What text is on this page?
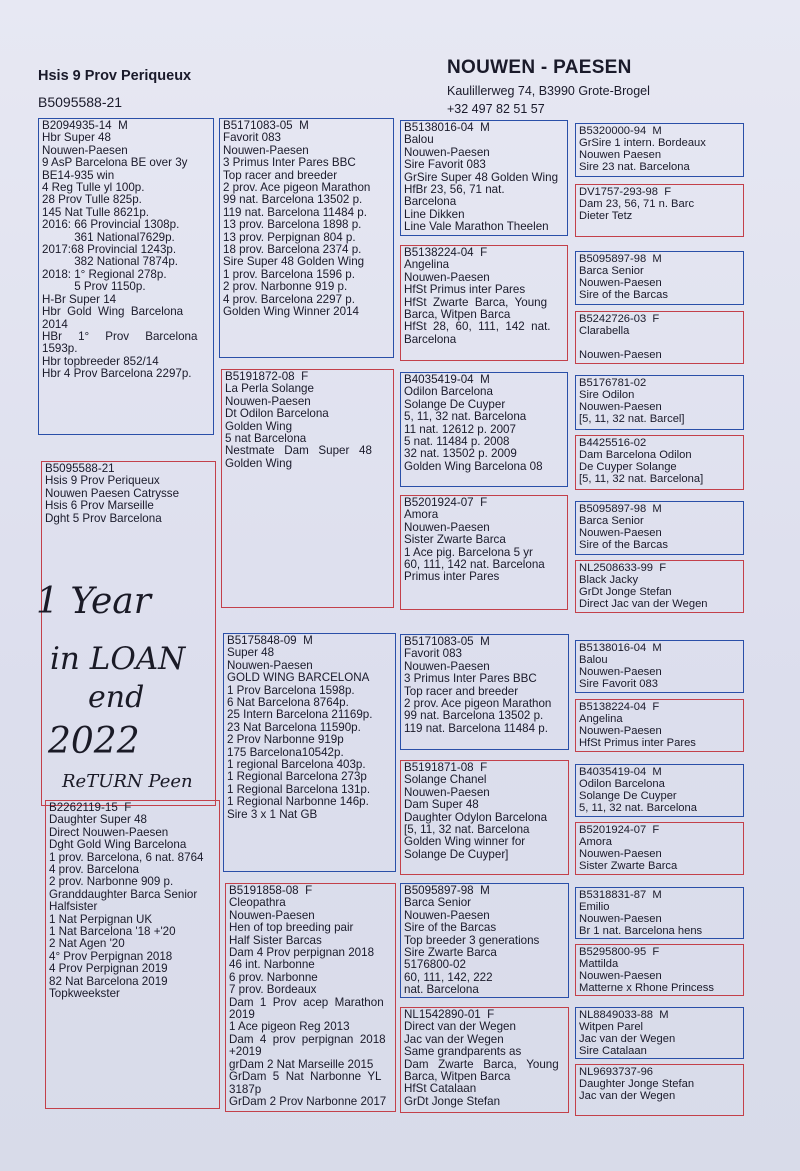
Hsis 9 Prov Periqueux
B5095588-21
NOUWEN - PAESEN
Kaulillerweg 74, B3990 Grote-Brogel
+32 497 82 51 57
B2094935-14  M
Hbr Super 48
Nouwen-Paesen
9 AsP Barcelona BE over 3y
BE14-935 win
4 Reg Tulle yl 100p.
28 Prov Tulle 825p.
145 Nat Tulle 8621p.
2016: 66 Provincial 1308p.
361 National7629p.
2017:68 Provincial 1243p.
382 National 7874p.
2018: 1° Regional 278p.
5 Prov 1150p.
H-Br Super 14
Hbr  Gold  Wing  Barcelona
2014
HBr     1°     Prov     Barcelona
1593p.
Hbr topbreeder 852/14
Hbr 4 Prov Barcelona 2297p.
B5095588-21
Hsis 9 Prov Periqueux
Nouwen Paesen Catrysse
Hsis 6 Prov Marseille
Dght 5 Prov Barcelona
B2262119-15  F
Daughter Super 48
Direct Nouwen-Paesen
Dght Gold Wing Barcelona
1 prov. Barcelona, 6 nat. 8764
4 prov. Barcelona
2 prov. Narbonne 909 p.
Granddaughter Barca Senior
Halfsister
1 Nat Perpignan UK
1 Nat Barcelona '18 +'20
2 Nat Agen '20
4° Prov Perpignan 2018
4 Prov Perpignan 2019
82 Nat Barcelona 2019
Topkweekster
B5171083-05  M
Favorit 083
Nouwen-Paesen
3 Primus Inter Pares BBC
Top racer and breeder
2 prov. Ace pigeon Marathon
99 nat. Barcelona 13502 p.
119 nat. Barcelona 11484 p.
13 prov. Barcelona 1898 p.
13 prov. Perpignan 804 p.
18 prov. Barcelona 2374 p.
Sire Super 48 Golden Wing
1 prov. Barcelona 1596 p.
2 prov. Narbonne 919 p.
4 prov. Barcelona 2297 p.
Golden Wing Winner 2014
B5191872-08  F
La Perla Solange
Nouwen-Paesen
Dt Odilon Barcelona
Golden Wing
5 nat Barcelona
Nestmate   Dam   Super   48
Golden Wing
B5175848-09  M
Super 48
Nouwen-Paesen
GOLD WING BARCELONA
1 Prov Barcelona 1598p.
6 Nat Barcelona 8764p.
25 Intern Barcelona 21169p.
23 Nat Barcelona 11590p.
2 Prov Narbonne 919p
175 Barcelona10542p.
1 regional Barcelona 403p.
1 Regional Barcelona 273p
1 Regional Barcelona 131p.
1 Regional Narbonne 146p.
Sire 3 x 1 Nat GB
B5191858-08  F
Cleopathra
Nouwen-Paesen
Hen of top breeding pair
Half Sister Barcas
Dam 4 Prov perpignan 2018
46 int. Narbonne
6 prov. Narbonne
7 prov. Bordeaux
Dam  1  Prov  acep  Marathon
2019
1 Ace pigeon Reg 2013
Dam  4  prov  perpignan  2018
+2019
grDam 2 Nat Marseille 2015
GrDam  5  Nat  Narbonne  YL
3187p
GrDam 2 Prov Narbonne 2017
B5138016-04  M
Balou
Nouwen-Paesen
Sire Favorit 083
GrSire Super 48 Golden Wing
HfBr 23, 56, 71 nat.
Barcelona
Line Dikken
Line Vale Marathon Theelen
B5138224-04  F
Angelina
Nouwen-Paesen
HfSt Primus inter Pares
HfSt  Zwarte  Barca,  Young
Barca, Witpen Barca
HfSt  28,  60,  111,  142  nat.
Barcelona
B4035419-04  M
Odilon Barcelona
Solange De Cuyper
5, 11, 32 nat. Barcelona
11 nat. 12612 p. 2007
5 nat. 11484 p. 2008
32 nat. 13502 p. 2009
Golden Wing Barcelona 08
B5201924-07  F
Amora
Nouwen-Paesen
Sister Zwarte Barca
1 Ace pig. Barcelona 5 yr
60, 111, 142 nat. Barcelona
Primus inter Pares
B5171083-05  M
Favorit 083
Nouwen-Paesen
3 Primus Inter Pares BBC
Top racer and breeder
2 prov. Ace pigeon Marathon
99 nat. Barcelona 13502 p.
119 nat. Barcelona 11484 p.
B5191871-08  F
Solange Chanel
Nouwen-Paesen
Dam Super 48
Daughter Odylon Barcelona
[5, 11, 32 nat. Barcelona
Golden Wing winner for
Solange De Cuyper]
B5095897-98  M
Barca Senior
Nouwen-Paesen
Sire of the Barcas
Top breeder 3 generations
Sire Zwarte Barca
5176800-02
60, 111, 142, 222
nat. Barcelona
NL1542890-01  F
Direct van der Wegen
Jac van der Wegen
Same grandparents as
Dam   Zwarte   Barca,   Young
Barca, Witpen Barca
HfSt Catalaan
GrDt Jonge Stefan
B5320000-94  M
GrSire 1 intern. Bordeaux
Nouwen Paesen
Sire 23 nat. Barcelona
DV1757-293-98  F
Dam 23, 56, 71 n. Barc
Dieter Tetz
B5095897-98  M
Barca Senior
Nouwen-Paesen
Sire of the Barcas
B5242726-03  F
Clarabella

Nouwen-Paesen
B5176781-02
Sire Odilon
Nouwen-Paesen
[5, 11, 32 nat. Barcel]
B4425516-02
Dam Barcelona Odilon
De Cuyper Solange
[5, 11, 32 nat. Barcelona]
B5095897-98  M
Barca Senior
Nouwen-Paesen
Sire of the Barcas
NL2508633-99  F
Black Jacky
GrDt Jonge Stefan
Direct Jac van der Wegen
B5138016-04  M
Balou
Nouwen-Paesen
Sire Favorit 083
B5138224-04  F
Angelina
Nouwen-Paesen
HfSt Primus inter Pares
B4035419-04  M
Odilon Barcelona
Solange De Cuyper
5, 11, 32 nat. Barcelona
B5201924-07  F
Amora
Nouwen-Paesen
Sister Zwarte Barca
B5318831-87  M
Emilio
Nouwen-Paesen
Br 1 nat. Barcelona hens
B5295800-95  F
Mattilda
Nouwen-Paesen
Matterne x Rhone Princess
NL8849033-88  M
Witpen Parel
Jac van der Wegen
Sire Catalaan
NL9693737-96
Daughter Jonge Stefan
Jac van der Wegen
1 Year
in LOAN
end
2022
ReTURN Peen
